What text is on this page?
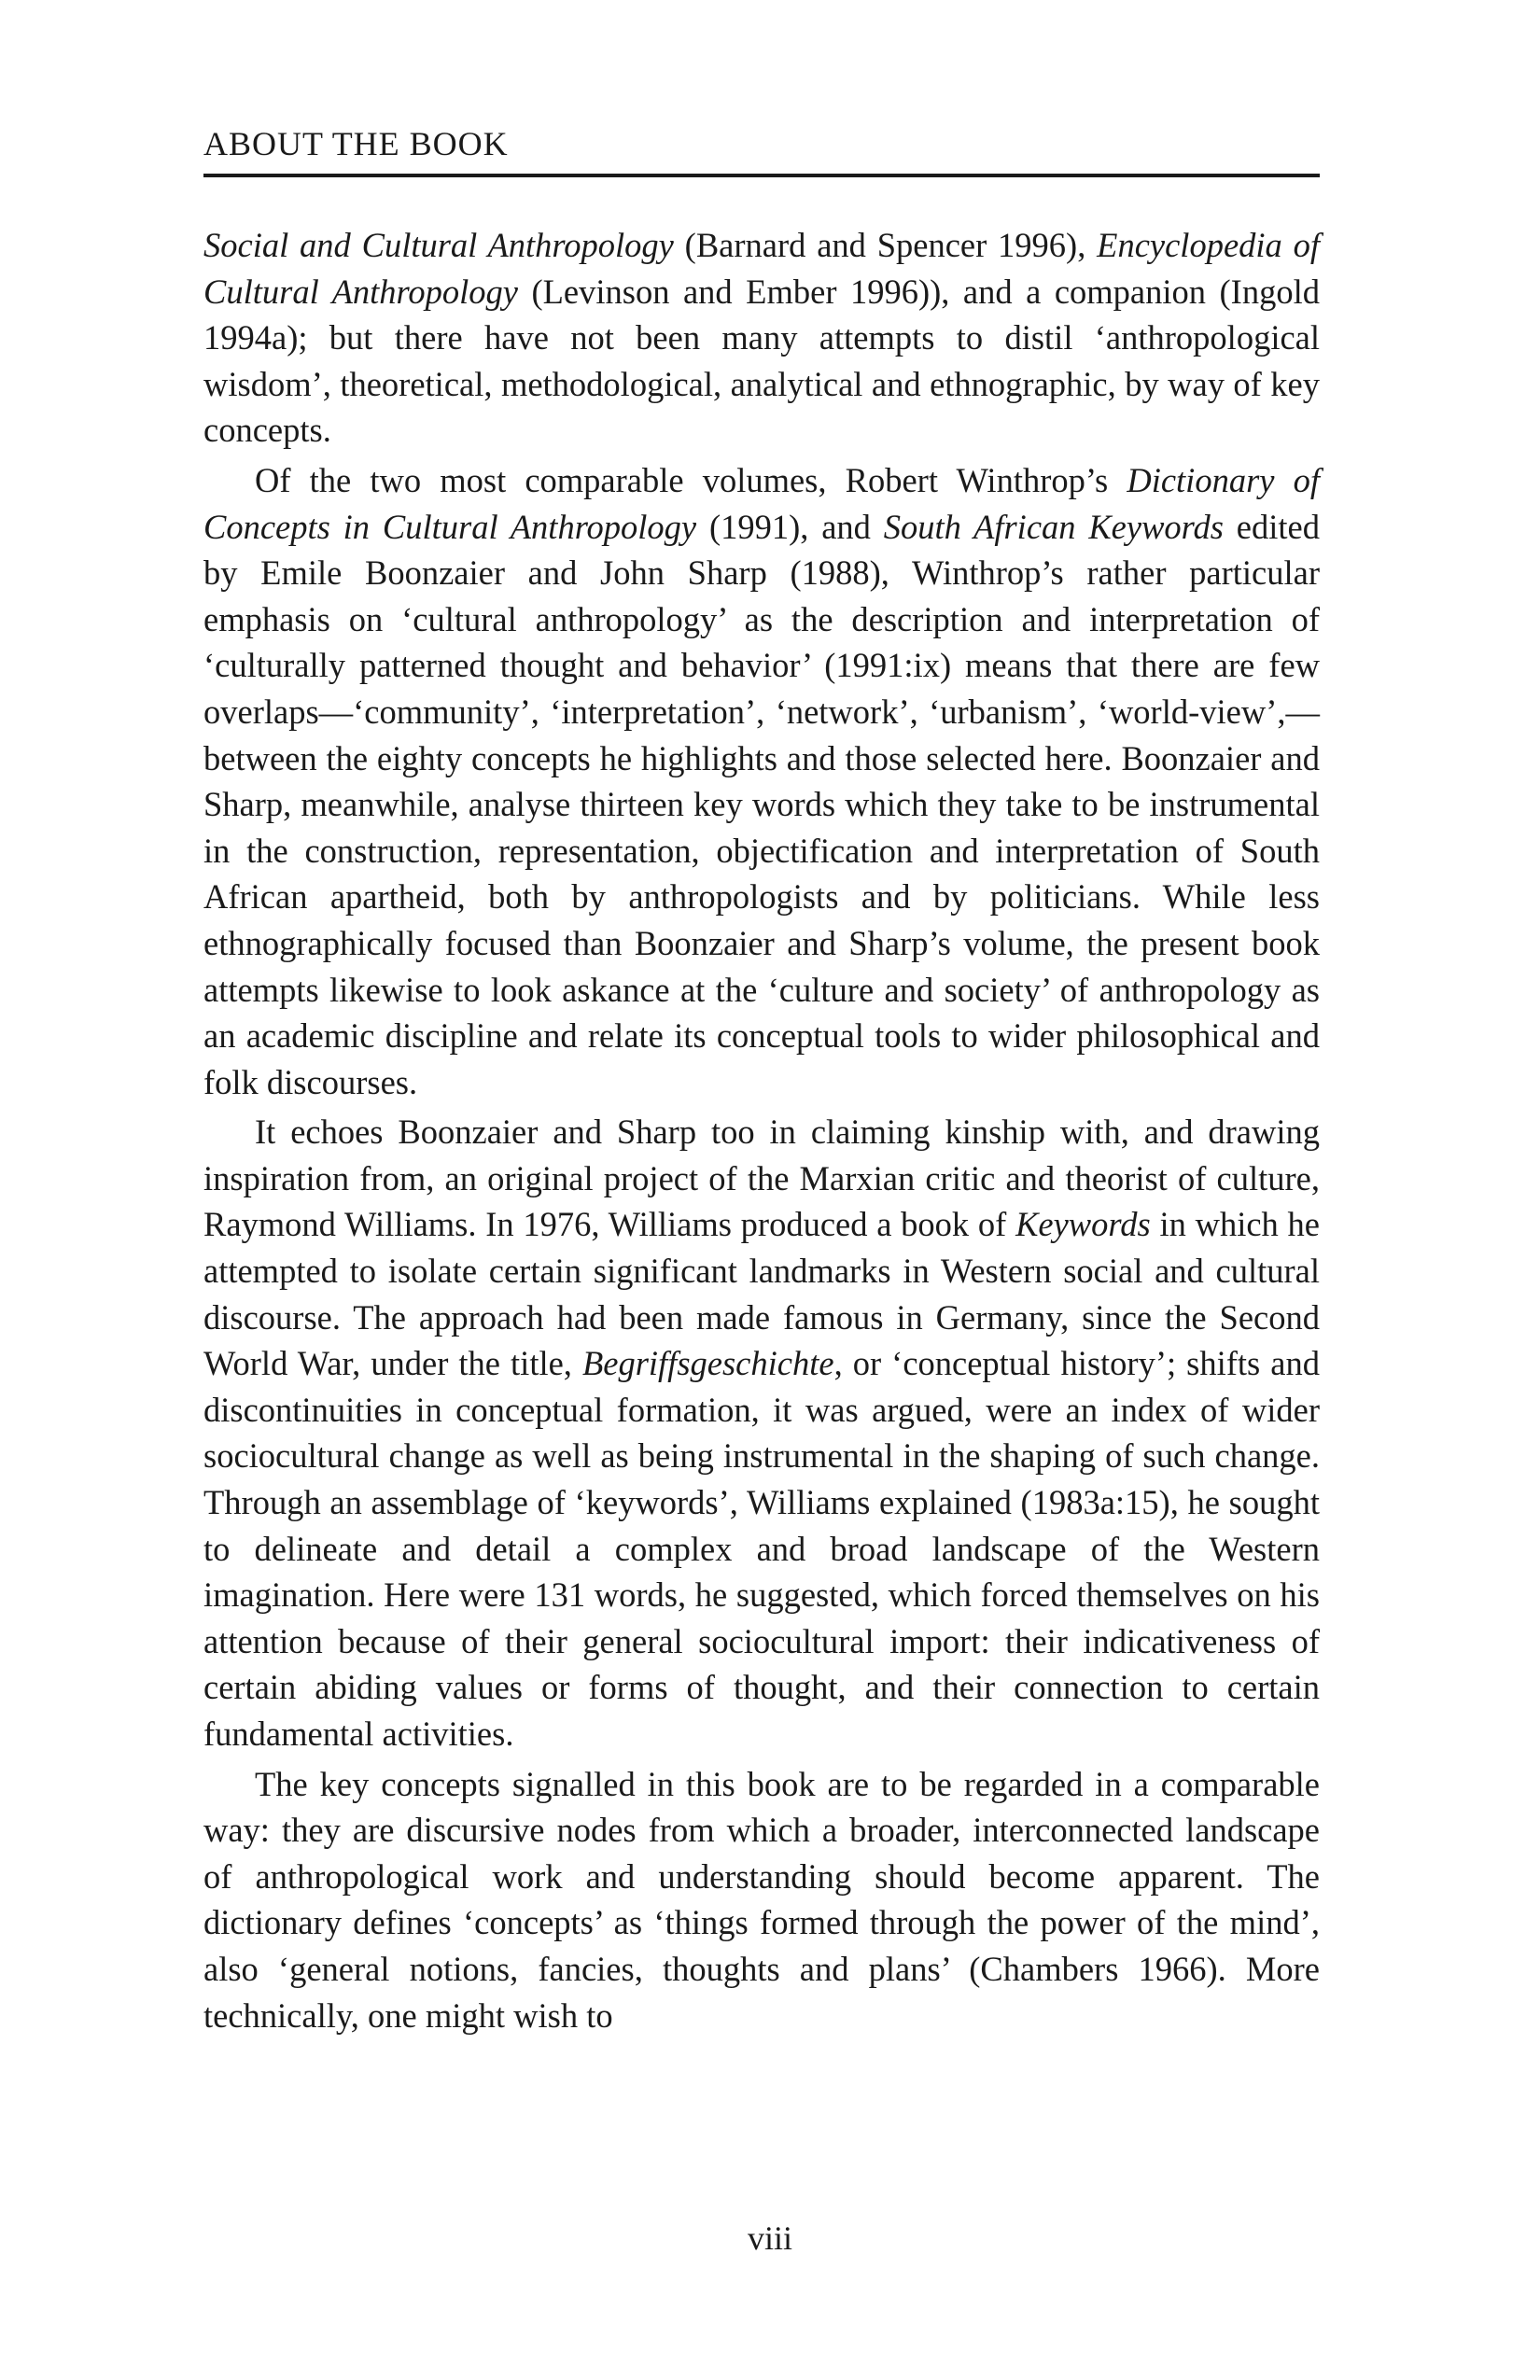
ABOUT THE BOOK

Social and Cultural Anthropology (Barnard and Spencer 1996), Encyclopedia of Cultural Anthropology (Levinson and Ember 1996)), and a companion (Ingold 1994a); but there have not been many attempts to distil ‘anthropological wisdom’, theoretical, methodological, analytical and ethnographic, by way of key concepts.

Of the two most comparable volumes, Robert Winthrop’s Dictionary of Concepts in Cultural Anthropology (1991), and South African Keywords edited by Emile Boonzaier and John Sharp (1988), Winthrop’s rather particular emphasis on ‘cultural anthropology’ as the description and interpretation of ‘culturally patterned thought and behavior’ (1991:ix) means that there are few overlaps—‘community’, ‘interpretation’, ‘network’, ‘urbanism’, ‘world-view’,—between the eighty concepts he highlights and those selected here. Boonzaier and Sharp, meanwhile, analyse thirteen key words which they take to be instrumental in the construction, representation, objectification and interpretation of South African apartheid, both by anthropologists and by politicians. While less ethnographically focused than Boonzaier and Sharp’s volume, the present book attempts likewise to look askance at the ‘culture and society’ of anthropology as an academic discipline and relate its conceptual tools to wider philosophical and folk discourses.

It echoes Boonzaier and Sharp too in claiming kinship with, and drawing inspiration from, an original project of the Marxian critic and theorist of culture, Raymond Williams. In 1976, Williams produced a book of Keywords in which he attempted to isolate certain significant landmarks in Western social and cultural discourse. The approach had been made famous in Germany, since the Second World War, under the title, Begriffsgeschichte, or ‘conceptual history’; shifts and discontinuities in conceptual formation, it was argued, were an index of wider sociocultural change as well as being instrumental in the shaping of such change. Through an assemblage of ‘keywords’, Williams explained (1983a:15), he sought to delineate and detail a complex and broad landscape of the Western imagination. Here were 131 words, he suggested, which forced themselves on his attention because of their general sociocultural import: their indicativeness of certain abiding values or forms of thought, and their connection to certain fundamental activities.

The key concepts signalled in this book are to be regarded in a comparable way: they are discursive nodes from which a broader, interconnected landscape of anthropological work and understanding should become apparent. The dictionary defines ‘concepts’ as ‘things formed through the power of the mind’, also ‘general notions, fancies, thoughts and plans’ (Chambers 1966). More technically, one might wish to

viii
